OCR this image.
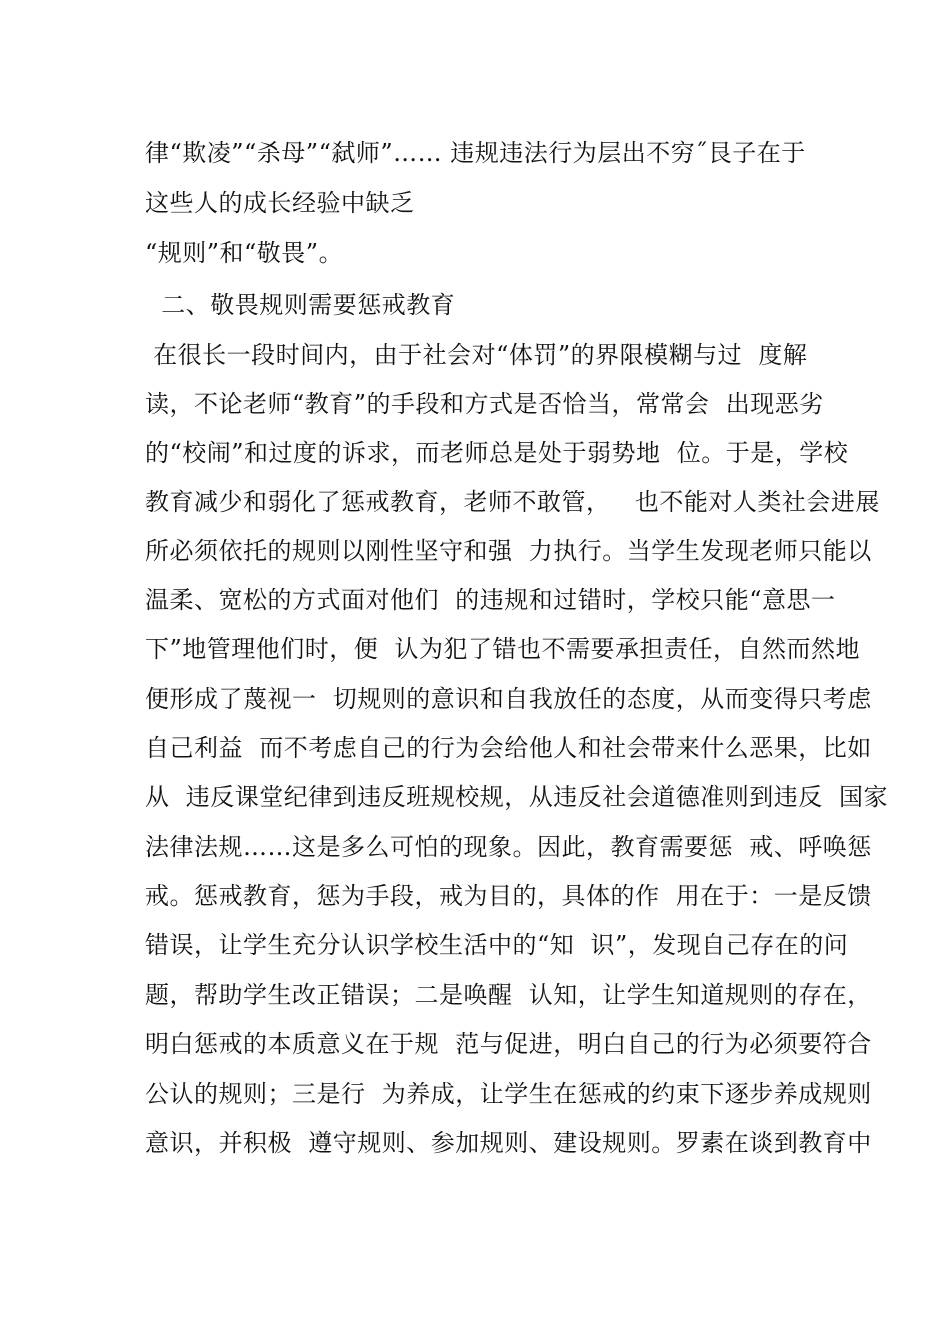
律“欺凌”“杀母”“弑师”…… 违规违法行为层出不穷˝艮子在于
这些人的成长经验中缺乏
“规则”和“敬畏”。
二、敬畏规则需要惩戒教育
在很长一段时间内，由于社会对“体罚”的界限模糊与过  度解
读，不论老师“教育”的手段和方式是否恰当，常常会  出现恶劣
的“校闹”和过度的诉求，而老师总是处于弱势地  位。于是，学校
教育减少和弱化了惩戒教育，老师不敢管，   也不能对人类社会进展
所必须依托的规则以刚性坚守和强  力执行。当学生发现老师只能以
温柔、宽松的方式面对他们  的违规和过错时，学校只能“意思一
下”地管理他们时，便  认为犯了错也不需要承担责任，自然而然地
便形成了蔑视一  切规则的意识和自我放任的态度，从而变得只考虑
自己利益  而不考虑自己的行为会给他人和社会带来什么恶果，比如
从  违反课堂纪律到违反班规校规，从违反社会道德准则到违反  国家
法律法规……这是多么可怕的现象。因此，教育需要惩  戒、呼唤惩
戒。惩戒教育，惩为手段，戒为目的，具体的作  用在于：一是反馈
错误，让学生充分认识学校生活中的“知  识”，发现自己存在的问
题，帮助学生改正错误；二是唤醒  认知，让学生知道规则的存在，
明白惩戒的本质意义在于规  范与促进，明白自己的行为必须要符合
公认的规则；三是行  为养成，让学生在惩戒的约束下逐步养成规则
意识，并积极  遵守规则、参加规则、建设规则。罗素在谈到教育中
